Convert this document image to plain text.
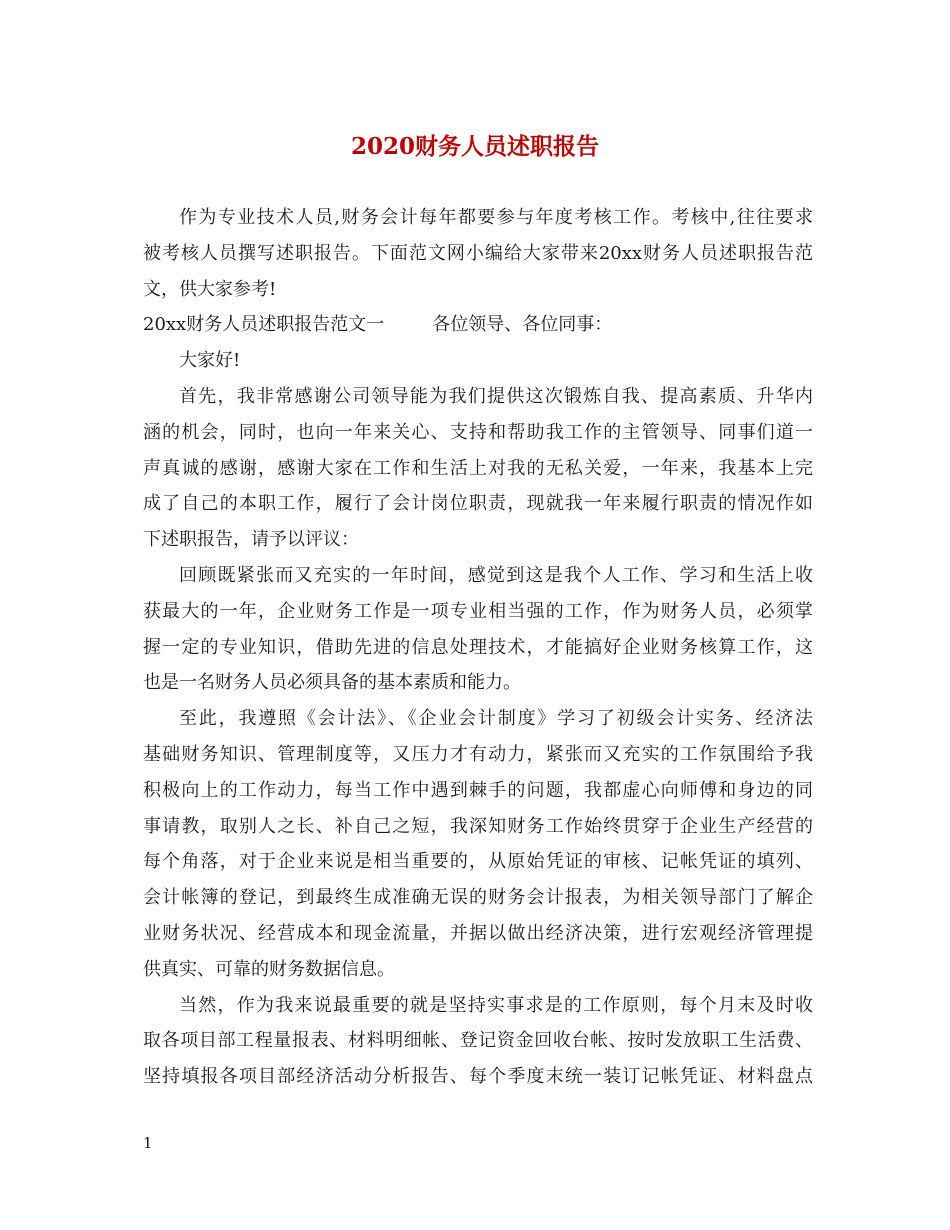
2020财务人员述职报告
作为专业技术人员,财务会计每年都要参与年度考核工作。考核中,往往要求
被考核人员撰写述职报告。下面范文网小编给大家带来20xx财务人员述职报告范
文，供大家参考!
20xx财务人员述职报告范文一	各位领导、各位同事：
大家好!
首先，我非常感谢公司领导能为我们提供这次锻炼自我、提高素质、升华内
涵的机会，同时，也向一年来关心、支持和帮助我工作的主管领导、同事们道一
声真诚的感谢，感谢大家在工作和生活上对我的无私关爱，一年来，我基本上完
成了自己的本职工作，履行了会计岗位职责，现就我一年来履行职责的情况作如
下述职报告，请予以评议：
回顾既紧张而又充实的一年时间，感觉到这是我个人工作、学习和生活上收
获最大的一年，企业财务工作是一项专业相当强的工作，作为财务人员，必须掌
握一定的专业知识，借助先进的信息处理技术，才能搞好企业财务核算工作，这
也是一名财务人员必须具备的基本素质和能力。
至此，我遵照《会计法》、《企业会计制度》学习了初级会计实务、经济法
基础财务知识、管理制度等，又压力才有动力，紧张而又充实的工作氛围给予我
积极向上的工作动力，每当工作中遇到棘手的问题，我都虚心向师傅和身边的同
事请教，取别人之长、补自己之短，我深知财务工作始终贯穿于企业生产经营的
每个角落，对于企业来说是相当重要的，从原始凭证的审核、记帐凭证的填列、
会计帐簿的登记，到最终生成准确无误的财务会计报表，为相关领导部门了解企
业财务状况、经营成本和现金流量，并据以做出经济决策，进行宏观经济管理提
供真实、可靠的财务数据信息。
当然，作为我来说最重要的就是坚持实事求是的工作原则，每个月末及时收
取各项目部工程量报表、材料明细帐、登记资金回收台帐、按时发放职工生活费、
坚持填报各项目部经济活动分析报告、每个季度末统一装订记帐凭证、材料盘点
1
